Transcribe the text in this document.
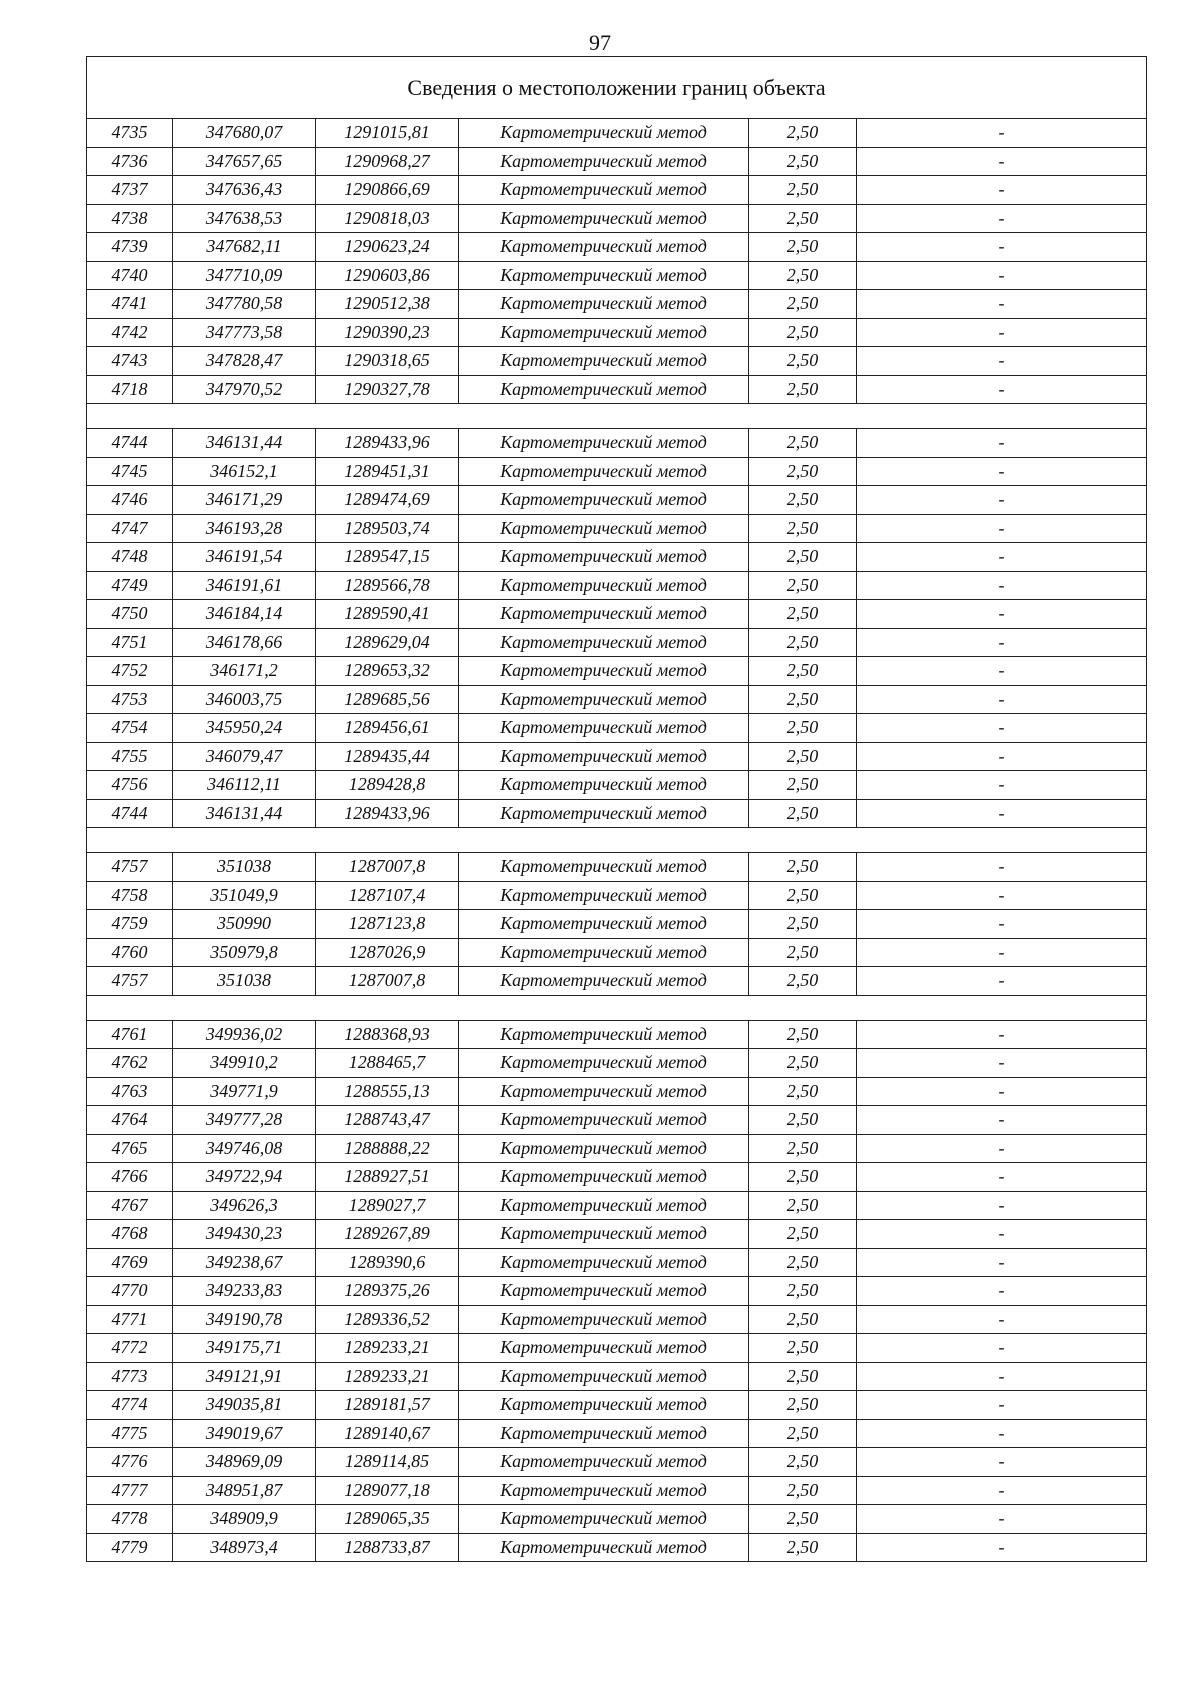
97
Сведения о местоположении границ объекта					
4735	347680,07	1291015,81	Картометрический метод	2,50	-
4736	347657,65	1290968,27	Картометрический метод	2,50	-
4737	347636,43	1290866,69	Картометрический метод	2,50	-
4738	347638,53	1290818,03	Картометрический метод	2,50	-
4739	347682,11	1290623,24	Картометрический метод	2,50	-
4740	347710,09	1290603,86	Картометрический метод	2,50	-
4741	347780,58	1290512,38	Картометрический метод	2,50	-
4742	347773,58	1290390,23	Картометрический метод	2,50	-
4743	347828,47	1290318,65	Картометрический метод	2,50	-
4718	347970,52	1290327,78	Картометрический метод	2,50	-

4744	346131,44	1289433,96	Картометрический метод	2,50	-
4745	346152,1	1289451,31	Картометрический метод	2,50	-
4746	346171,29	1289474,69	Картометрический метод	2,50	-
4747	346193,28	1289503,74	Картометрический метод	2,50	-
4748	346191,54	1289547,15	Картометрический метод	2,50	-
4749	346191,61	1289566,78	Картометрический метод	2,50	-
4750	346184,14	1289590,41	Картометрический метод	2,50	-
4751	346178,66	1289629,04	Картометрический метод	2,50	-
4752	346171,2	1289653,32	Картометрический метод	2,50	-
4753	346003,75	1289685,56	Картометрический метод	2,50	-
4754	345950,24	1289456,61	Картометрический метод	2,50	-
4755	346079,47	1289435,44	Картометрический метод	2,50	-
4756	346112,11	1289428,8	Картометрический метод	2,50	-
4744	346131,44	1289433,96	Картометрический метод	2,50	-

4757	351038	1287007,8	Картометрический метод	2,50	-
4758	351049,9	1287107,4	Картометрический метод	2,50	-
4759	350990	1287123,8	Картометрический метод	2,50	-
4760	350979,8	1287026,9	Картометрический метод	2,50	-
4757	351038	1287007,8	Картометрический метод	2,50	-

4761	349936,02	1288368,93	Картометрический метод	2,50	-
4762	349910,2	1288465,7	Картометрический метод	2,50	-
4763	349771,9	1288555,13	Картометрический метод	2,50	-
4764	349777,28	1288743,47	Картометрический метод	2,50	-
4765	349746,08	1288888,22	Картометрический метод	2,50	-
4766	349722,94	1288927,51	Картометрический метод	2,50	-
4767	349626,3	1289027,7	Картометрический метод	2,50	-
4768	349430,23	1289267,89	Картометрический метод	2,50	-
4769	349238,67	1289390,6	Картометрический метод	2,50	-
4770	349233,83	1289375,26	Картометрический метод	2,50	-
4771	349190,78	1289336,52	Картометрический метод	2,50	-
4772	349175,71	1289233,21	Картометрический метод	2,50	-
4773	349121,91	1289233,21	Картометрический метод	2,50	-
4774	349035,81	1289181,57	Картометрический метод	2,50	-
4775	349019,67	1289140,67	Картометрический метод	2,50	-
4776	348969,09	1289114,85	Картометрический метод	2,50	-
4777	348951,87	1289077,18	Картометрический метод	2,50	-
4778	348909,9	1289065,35	Картометрический метод	2,50	-
4779	348973,4	1288733,87	Картометрический метод	2,50	-
